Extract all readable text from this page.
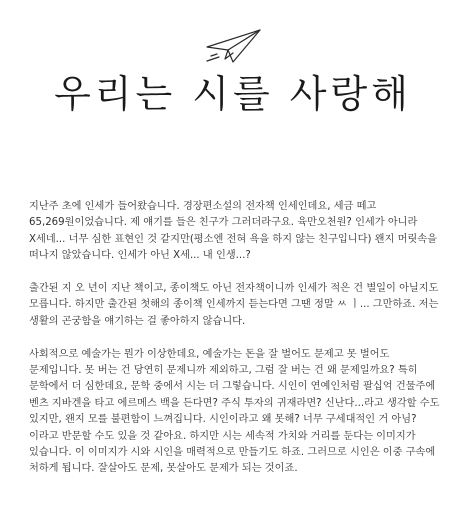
우리는 시를 사랑해

지난주 초에 인세가 들어왔습니다. 경장편소설의 전자책 인세인데요, 세금 떼고 65,269원이었습니다. 제 얘기를 들은 친구가 그러더라구요. 육만오천원? 인세가 아니라 X세네... 너무 심한 표현인 것 같지만(평소엔 전혀 욕을 하지 않는 친구입니다) 왠지 머릿속을 떠나지 않았습니다. 인세가 아닌 X세... 내 인생...?

출간된 지 오 년이 지난 책이고, 종이책도 아닌 전자책이니까 인세가 적은 건 별일이 아닐지도 모릅니다. 하지만 출간된 첫해의 종이책 인세까지 듣는다면 그땐 정말 ㅆ ㅣ... 그만하죠. 저는 생활의 곤궁함을 얘기하는 걸 좋아하지 않습니다.

사회적으로 예술가는 뭔가 이상한데요, 예술가는 돈을 잘 벌어도 문제고 못 벌어도 문제입니다. 못 버는 건 당연히 문제니까 제외하고, 그럼 잘 버는 건 왜 문제일까요? 특히 문학에서 더 심한데요, 문학 중에서 시는 더 그렇습니다. 시인이 연예인처럼 팔십억 건물주에 벤츠 지바겐을 타고 에르메스 백을 든다면? 주식 투자의 귀재라면? 신난다...라고 생각할 수도 있지만, 왠지 모를 불편함이 느껴집니다. 시인이라고 왜 못해? 너무 구세대적인 거 아님? 이라고 반문할 수도 있을 것 같아요. 하지만 시는 세속적 가치와 거리를 둔다는 이미지가 있습니다. 이 이미지가 시와 시인을 매력적으로 만들기도 하죠. 그러므로 시인은 이중 구속에 처하게 됩니다. 잘살아도 문제, 못살아도 문제가 되는 것이죠.
